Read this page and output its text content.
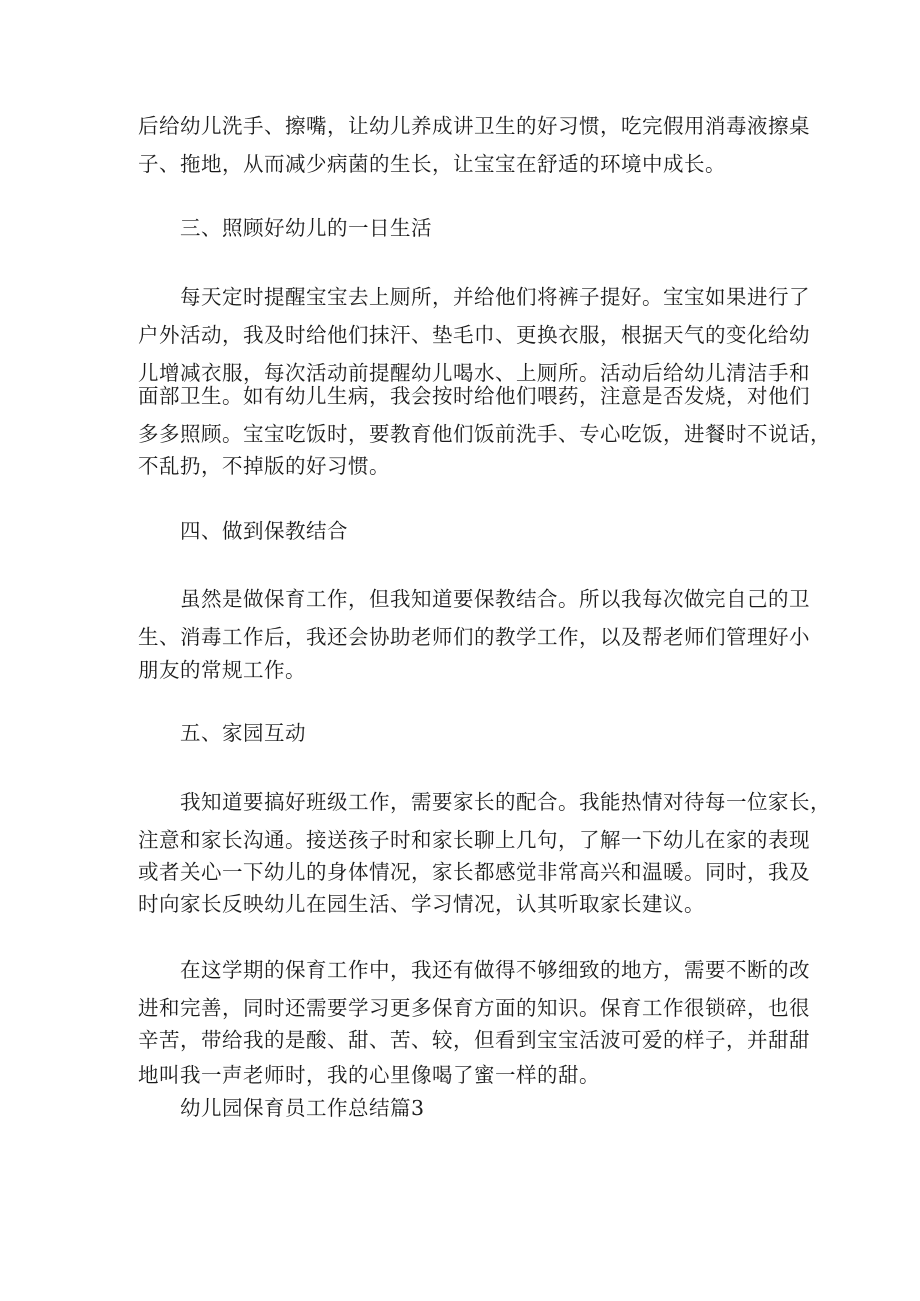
后给幼儿洗手、擦嘴，让幼儿养成讲卫生的好习惯，吃完假用消毒液擦桌
子、拖地，从而减少病菌的生长，让宝宝在舒适的环境中成长。
三、照顾好幼儿的一日生活
每天定时提醒宝宝去上厕所，并给他们将裤子提好。宝宝如果进行了
户外活动，我及时给他们抹汗、垫毛巾、更换衣服，根据天气的变化给幼
儿增减衣服，每次活动前提醒幼儿喝水、上厕所。活动后给幼儿清洁手和
面部卫生。如有幼儿生病，我会按时给他们喂药，注意是否发烧，对他们
多多照顾。宝宝吃饭时，要教育他们饭前洗手、专心吃饭，进餐时不说话，
不乱扔，不掉版的好习惯。
四、做到保教结合
虽然是做保育工作，但我知道要保教结合。所以我每次做完自己的卫
生、消毒工作后，我还会协助老师们的教学工作，以及帮老师们管理好小
朋友的常规工作。
五、家园互动
我知道要搞好班级工作，需要家长的配合。我能热情对待每一位家长，
注意和家长沟通。接送孩子时和家长聊上几句，了解一下幼儿在家的表现
或者关心一下幼儿的身体情况，家长都感觉非常高兴和温暖。同时，我及
时向家长反映幼儿在园生活、学习情况，认其听取家长建议。
在这学期的保育工作中，我还有做得不够细致的地方，需要不断的改
进和完善，同时还需要学习更多保育方面的知识。保育工作很锁碎，也很
辛苦，带给我的是酸、甜、苦、较，但看到宝宝活波可爱的样子，并甜甜
地叫我一声老师时，我的心里像喝了蜜一样的甜。
幼儿园保育员工作总结篇3
